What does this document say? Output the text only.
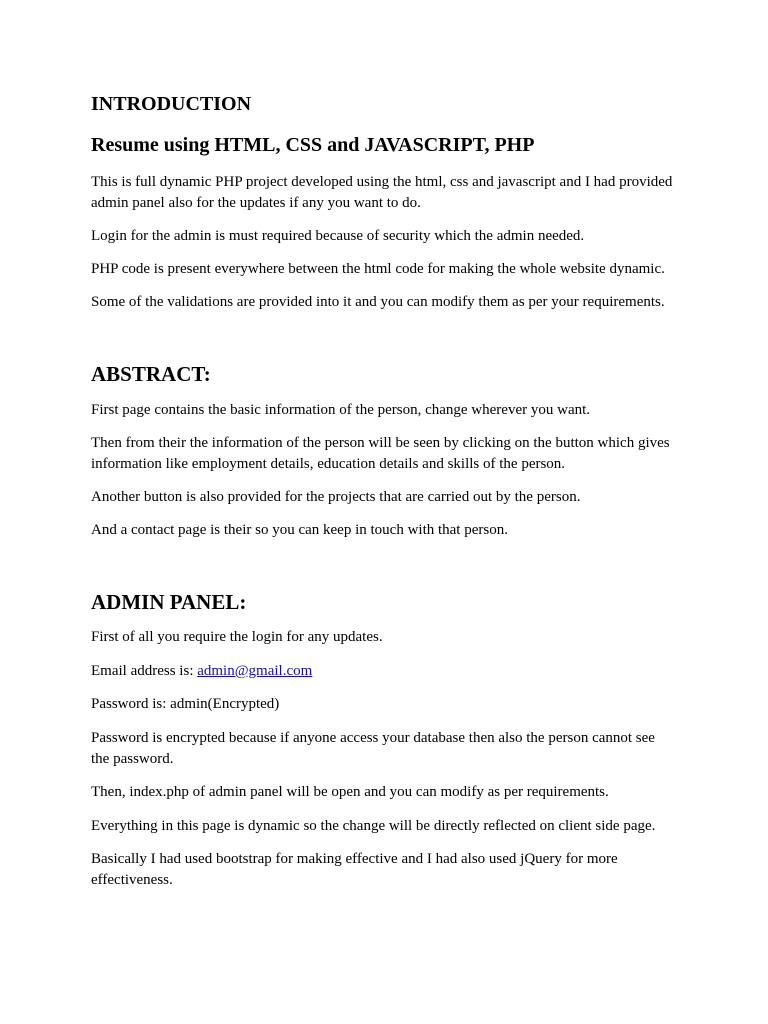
INTRODUCTION
Resume using HTML, CSS and JAVASCRIPT, PHP

This is full dynamic PHP project developed using the html, css and javascript and I had provided
admin panel also for the updates if any you want to do.

Login for the admin is must required because of security which the admin needed.

PHP code is present everywhere between the html code for making the whole website dynamic.

Some of the validations are provided into it and you can modify them as per your requirements.

ABSTRACT:

First page contains the basic information of the person, change wherever you want.

Then from their the information of the person will be seen by clicking on the button which gives
information like employment details, education details and skills of the person.

Another button is also provided for the projects that are carried out by the person.

And a contact page is their so you can keep in touch with that person.

ADMIN PANEL:

First of all you require the login for any updates.

Email address is: admin@gmail.com

Password is: admin(Encrypted)

Password is encrypted because if anyone access your database then also the person cannot see
the password.

Then, index.php of admin panel will be open and you can modify as per requirements.

Everything in this page is dynamic so the change will be directly reflected on client side page.

Basically I had used bootstrap for making effective and I had also used jQuery for more
effectiveness.
